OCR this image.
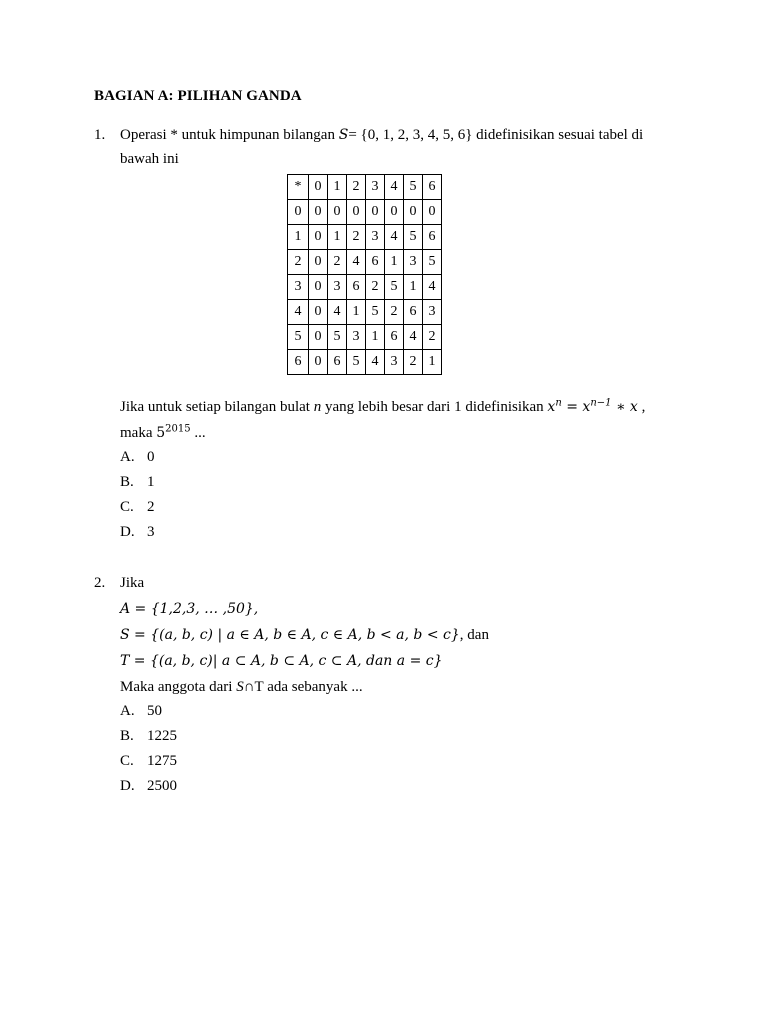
BAGIAN A: PILIHAN GANDA
1. Operasi * untuk himpunan bilangan S= {0, 1, 2, 3, 4, 5, 6} didefinisikan sesuai tabel di
bawah ini
*	0	1	2	3	4	5	6
0	0	0	0	0	0	0	0
1	0	1	2	3	4	5	6
2	0	2	4	6	1	3	5
3	0	3	6	2	5	1	4
4	0	4	1	5	2	6	3
5	0	5	3	1	6	4	2
6	0	6	5	4	3	2	1
Jika untuk setiap bilangan bulat n yang lebih besar dari 1 didefinisikan $x^n = x^{n-1}$ ∗ x ,
maka $5^{2015}$ ...
A. 0
B. 1
C. 2
D. 3
2. Jika
A = {1,2,3, … ,50},
S = {(a, b, c) | a ∈ A, b ∈ A, c ∈ A, b < a, b < c}, dan
T = {(a, b, c)| a ⊂ A, b ⊂ A, c ⊂ A, dan a = c}
Maka anggota dari S∩T ada sebanyak ...
A. 50
B. 1225
C. 1275
D. 2500
